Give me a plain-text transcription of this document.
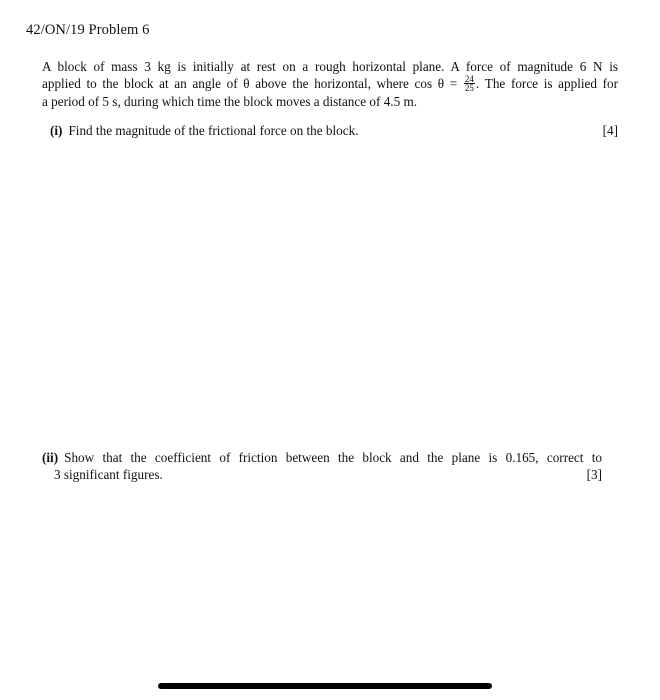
42/ON/19 Problem 6
A block of mass 3 kg is initially at rest on a rough horizontal plane. A force of magnitude 6 N is
applied to the block at an angle of θ above the horizontal, where $\cos \theta = \frac{24}{25}$ . The force is applied for
a period of 5 s, during which time the block moves a distance of 4.5 m.
(i) Find the magnitude of the frictional force on the block.	[4]
(ii) Show that the coefficient of friction between the block and the plane is 0.165, correct to
3 significant figures.	[3]
